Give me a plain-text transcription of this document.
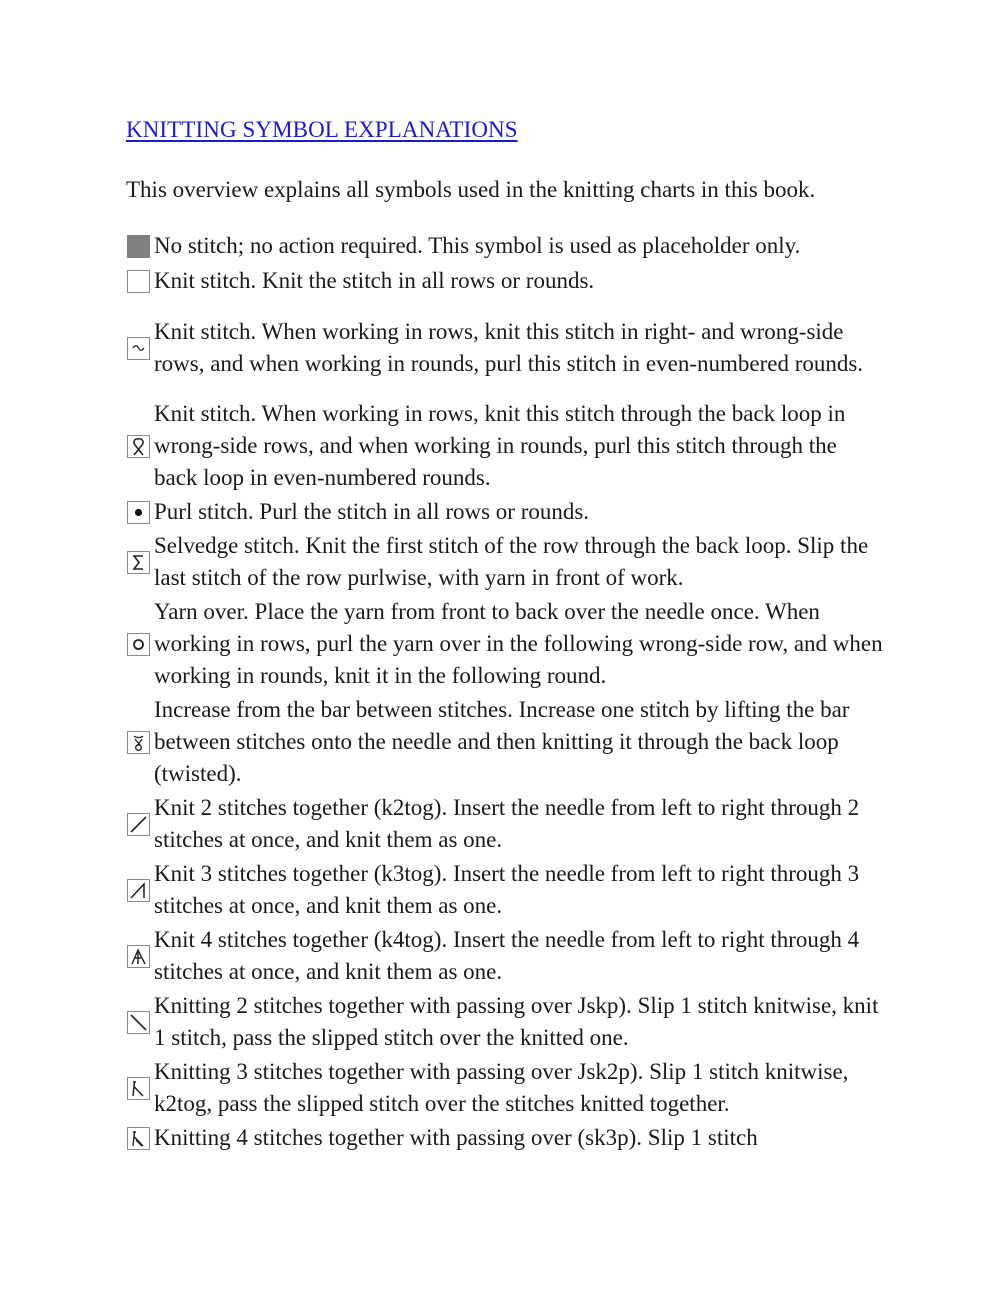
KNITTING SYMBOL EXPLANATIONS

This overview explains all symbols used in the knitting charts in this book.

No stitch; no action required. This symbol is used as placeholder only.
Knit stitch. Knit the stitch in all rows or rounds.
Knit stitch. When working in rows, knit this stitch in right- and wrong-side rows, and when working in rounds, purl this stitch in even-numbered rounds.
Knit stitch. When working in rows, knit this stitch through the back loop in wrong-side rows, and when working in rounds, purl this stitch through the back loop in even-numbered rounds.
Purl stitch. Purl the stitch in all rows or rounds.
Selvedge stitch. Knit the first stitch of the row through the back loop. Slip the last stitch of the row purlwise, with yarn in front of work.
Yarn over. Place the yarn from front to back over the needle once. When working in rows, purl the yarn over in the following wrong-side row, and when working in rounds, knit it in the following round.
Increase from the bar between stitches. Increase one stitch by lifting the bar between stitches onto the needle and then knitting it through the back loop (twisted).
Knit 2 stitches together (k2tog). Insert the needle from left to right through 2 stitches at once, and knit them as one.
Knit 3 stitches together (k3tog). Insert the needle from left to right through 3 stitches at once, and knit them as one.
Knit 4 stitches together (k4tog). Insert the needle from left to right through 4 stitches at once, and knit them as one.
Knitting 2 stitches together with passing over Jskp). Slip 1 stitch knitwise, knit 1 stitch, pass the slipped stitch over the knitted one.
Knitting 3 stitches together with passing over Jsk2p). Slip 1 stitch knitwise, k2tog, pass the slipped stitch over the stitches knitted together.
Knitting 4 stitches together with passing over (sk3p). Slip 1 stitch
